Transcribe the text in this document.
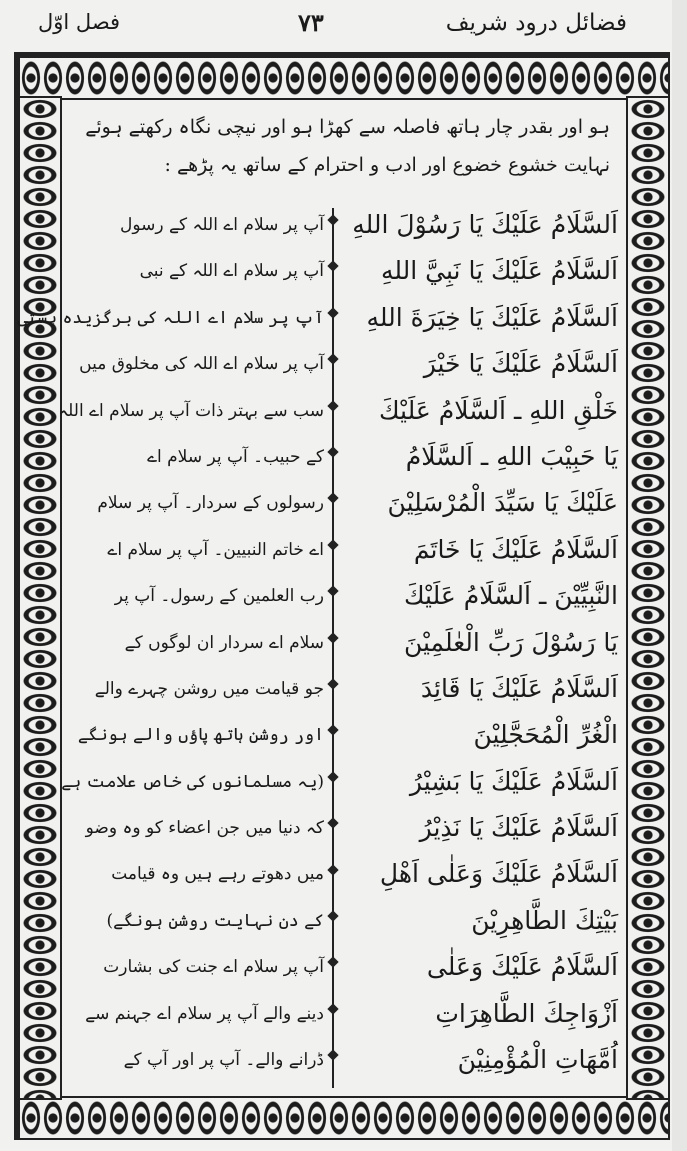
فصل اوّل	۷۳	فضائل درود شریف
ہو اور بقدر چار ہاتھ فاصلہ سے کھڑا ہو اور نیچی نگاہ رکھتے ہوئے نہایت خشوع خضوع اور ادب و احترام کے ساتھ یہ پڑھے :
اَلسَّلَامُ عَلَيْكَ يَا رَسُوْلَ اللهِ
اَلسَّلَامُ عَلَيْكَ يَا نَبِيَّ اللهِ
اَلسَّلَامُ عَلَيْكَ يَا خِيَرَةَ اللهِ
اَلسَّلَامُ عَلَيْكَ يَا خَيْرَ
خَلْقِ اللهِ ـ اَلسَّلَامُ عَلَيْكَ
يَا حَبِيْبَ اللهِ ـ اَلسَّلَامُ
عَلَيْكَ يَا سَيِّدَ الْمُرْسَلِيْنَ
اَلسَّلَامُ عَلَيْكَ يَا خَاتَمَ
النَّبِيِّيْنَ ـ اَلسَّلَامُ عَلَيْكَ
يَا رَسُوْلَ رَبِّ الْعٰلَمِيْنَ
اَلسَّلَامُ عَلَيْكَ يَا قَائِدَ
الْغُرِّ الْمُحَجَّلِيْنَ
اَلسَّلَامُ عَلَيْكَ يَا بَشِيْرُ
اَلسَّلَامُ عَلَيْكَ يَا نَذِيْرُ
اَلسَّلَامُ عَلَيْكَ وَعَلٰى اَهْلِ
بَيْتِكَ الطَّاهِرِيْنَ
اَلسَّلَامُ عَلَيْكَ وَعَلٰى
اَزْوَاجِكَ الطَّاهِرَاتِ
اُمَّهَاتِ الْمُؤْمِنِيْنَ
آپ پر سلام اے اللہ کے رسول
آپ پر سلام اے اللہ کے نبی
آپ پر سلام اے اللہ کی برگزیدہ ہستی
آپ پر سلام اے اللہ کی مخلوق میں
سب سے بہتر ذات آپ پر سلام اے اللہ
کے حبیب۔ آپ پر سلام اے
رسولوں کے سردار۔ آپ پر سلام
اے خاتم النبیین۔ آپ پر سلام اے
رب العلمین کے رسول۔ آپ پر
سلام اے سردار ان لوگوں کے
جو قیامت میں روشن چہرے والے
اور روشن ہاتھ پاؤں والے ہونگے
(یہ مسلمانوں کی خاص علامت ہے
کہ دنیا میں جن اعضاء کو وہ وضو
میں دھوتے رہے ہیں وہ قیامت
کے دن نہایت روشن ہونگے)
آپ پر سلام اے جنت کی بشارت
دینے والے آپ پر سلام اے جہنم سے
ڈرانے والے۔ آپ پر اور آپ کے
